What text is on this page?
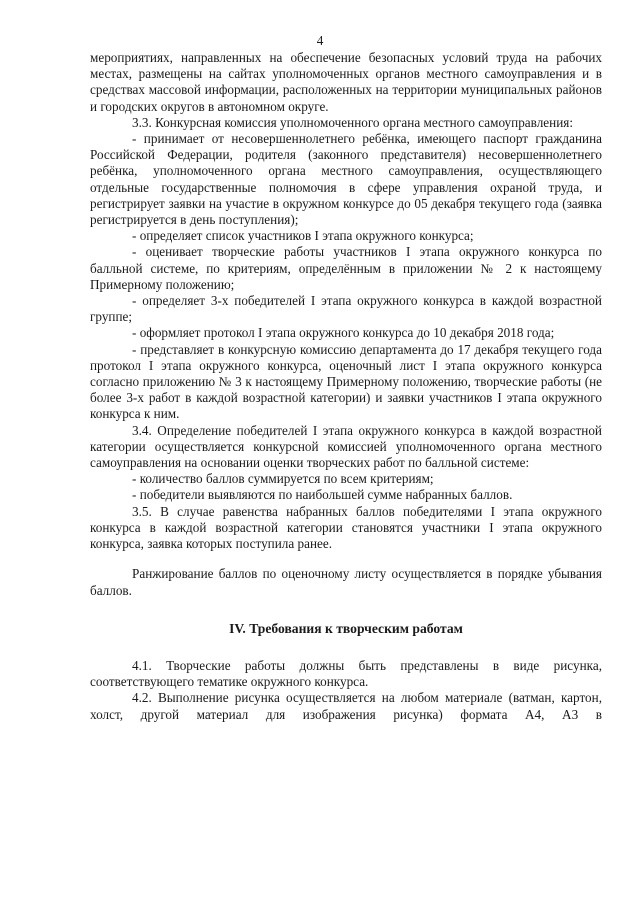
4

мероприятиях, направленных на обеспечение безопасных условий труда на рабочих местах, размещены на сайтах уполномоченных органов местного самоуправления и в средствах массовой информации, расположенных на территории муниципальных районов и городских округов в автономном округе.

3.3. Конкурсная комиссия уполномоченного органа местного самоуправления:

- принимает от несовершеннолетнего ребёнка, имеющего паспорт гражданина Российской Федерации, родителя (законного представителя) несовершеннолетнего ребёнка, уполномоченного органа местного самоуправления, осуществляющего отдельные государственные полномочия в сфере управления охраной труда, и регистрирует заявки на участие в окружном конкурсе до 05 декабря текущего года (заявка регистрируется в день поступления);

- определяет список участников I этапа окружного конкурса;

- оценивает творческие работы участников I этапа окружного конкурса по балльной системе, по критериям, определённым в приложении № 2 к настоящему Примерному положению;

- определяет 3-х победителей I этапа окружного конкурса в каждой возрастной группе;

- оформляет протокол I этапа окружного конкурса до 10 декабря 2018 года;

- представляет в конкурсную комиссию департамента до 17 декабря текущего года протокол I этапа окружного конкурса, оценочный лист I этапа окружного конкурса согласно приложению № 3 к настоящему Примерному положению, творческие работы (не более 3-х работ в каждой возрастной категории) и заявки участников I этапа окружного конкурса к ним.

3.4. Определение победителей I этапа окружного конкурса в каждой возрастной категории осуществляется конкурсной комиссией уполномоченного органа местного самоуправления на основании оценки творческих работ по балльной системе:

- количество баллов суммируется по всем критериям;

- победители выявляются по наибольшей сумме набранных баллов.

3.5. В случае равенства набранных баллов победителями I этапа окружного конкурса в каждой возрастной категории становятся участники I этапа окружного конкурса, заявка которых поступила ранее.

Ранжирование баллов по оценочному листу осуществляется в порядке убывания баллов.

IV. Требования к творческим работам

4.1. Творческие работы должны быть представлены в виде рисунка, соответствующего тематике окружного конкурса.

4.2. Выполнение рисунка осуществляется на любом материале (ватман, картон, холст, другой материал для изображения рисунка) формата А4, А3 в
